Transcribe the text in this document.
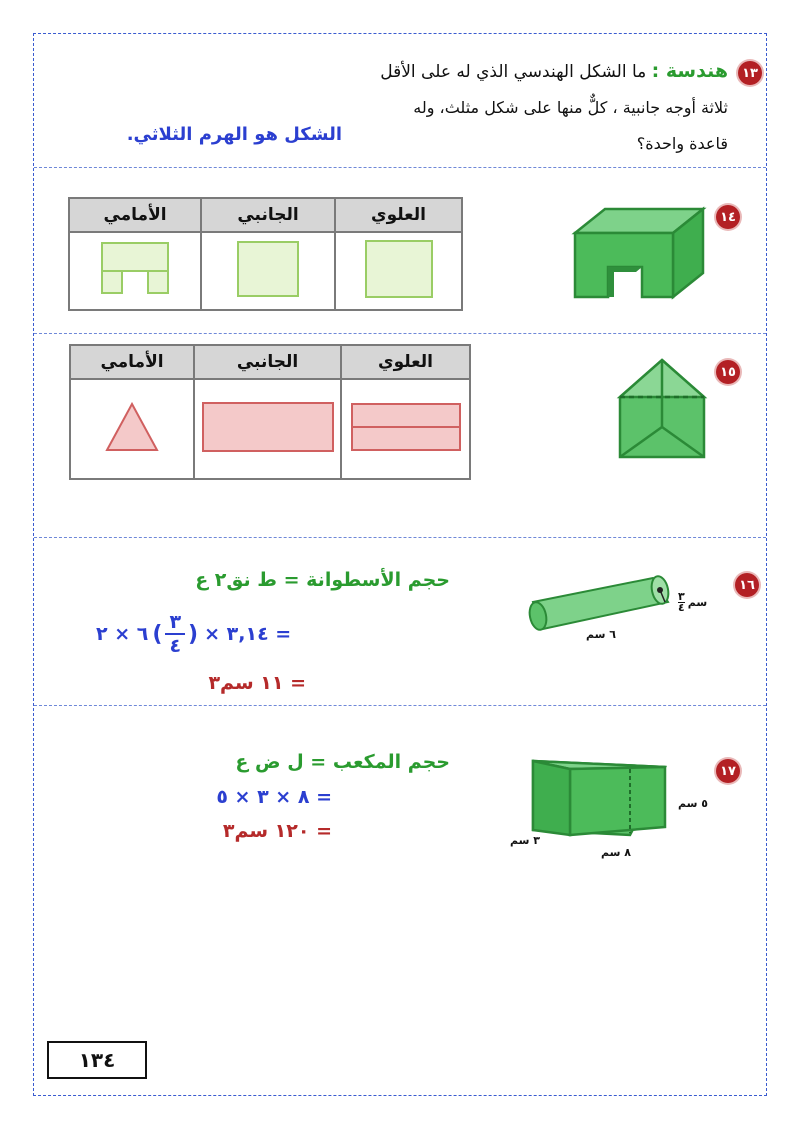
١٣
هندسة : ما الشكل الهندسي الذي له على الأقل
ثلاثة أوجه جانبية ، كلٌّ منها على شكل مثلث، وله
قاعدة واحدة؟
الشكل هو الهرم الثلاثي.
١٤
الأمامي	الجانبي	العلوي

١٥
الأمامي	الجانبي	العلوي

١٦
سم
٣
٤
٦ سم
حجم الأسطوانة = ط نق٢ ع
٦ × ٢ ( ٣
٤ ) × ٣,١٤ =
= ١١ سم٣
١٧
٥ سم
٣ سم
٨ سم
حجم المكعب = ل ض ع
= ٨ × ٣ × ٥
= ١٢٠ سم٣
١٣٤
